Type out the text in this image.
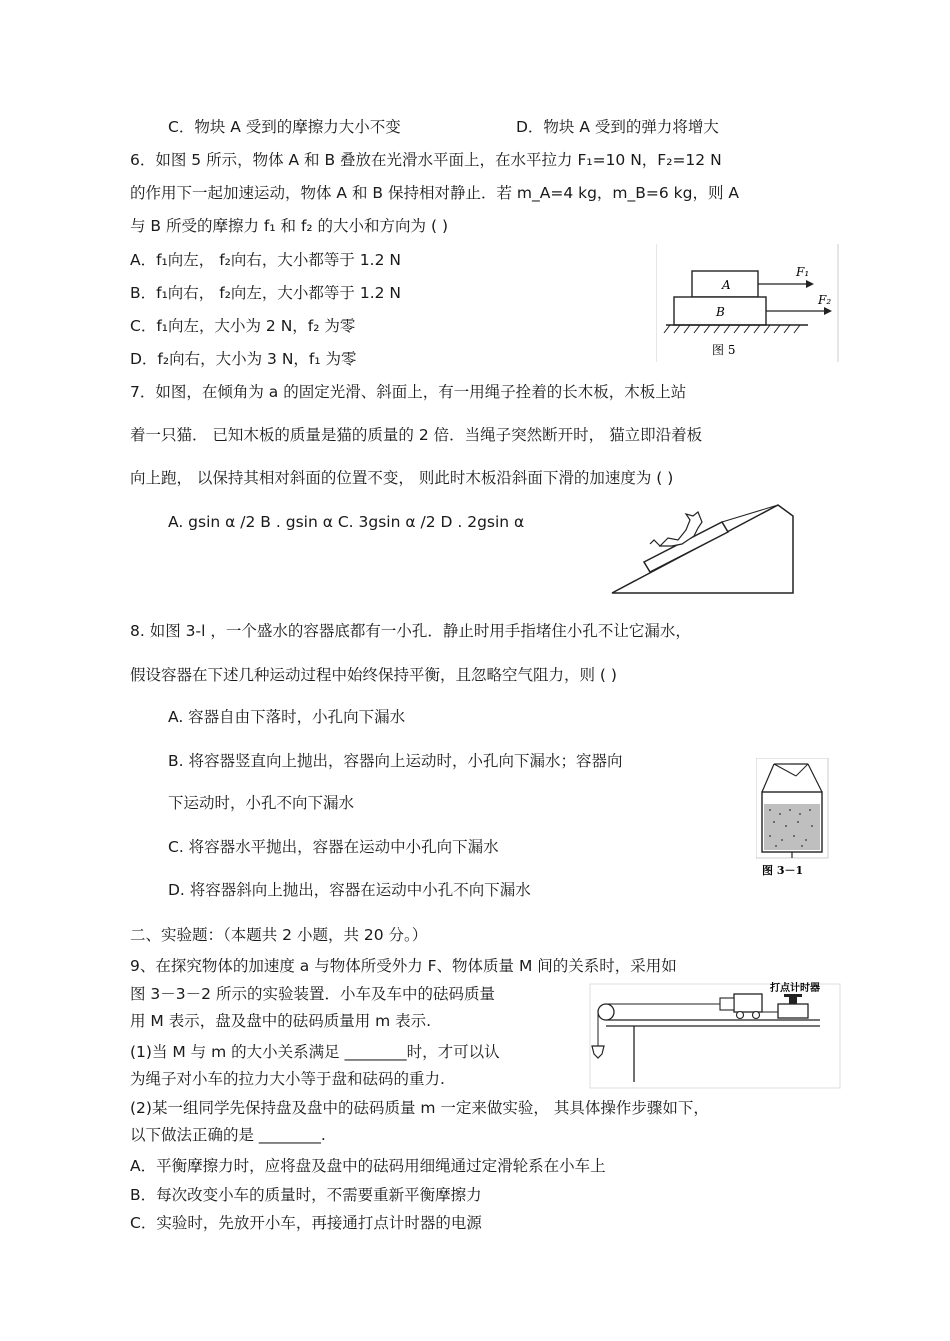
C．物块 A 受到的摩擦力大小不变	D．物块 A 受到的弹力将增大
6．如图 5 所示，物体 A 和 B 叠放在光滑水平面上，在水平拉力 F₁=10 N，F₂=12 N
的作用下一起加速运动，物体 A 和 B 保持相对静止．若 m_A=4 kg，m_B=6 kg，则 A
与 B 所受的摩擦力 f₁ 和 f₂ 的大小和方向为 ( )
A．f₁向左， f₂向右，大小都等于 1.2 N
B．f₁向右， f₂向左，大小都等于 1.2 N
C．f₁向左，大小为 2 N，f₂ 为零
D．f₂向右，大小为 3 N，f₁ 为零
A
B
F₁
F₂
图 5
7．如图，在倾角为 a 的固定光滑、斜面上，有一用绳子拴着的长木板，木板上站
着一只猫． 已知木板的质量是猫的质量的 2 倍．当绳子突然断开时， 猫立即沿着板
向上跑， 以保持其相对斜面的位置不变， 则此时木板沿斜面下滑的加速度为 ( )
A. gsin α /2 B . gsin α C. 3gsin α /2 D . 2gsin α
8. 如图 3-l ，一个盛水的容器底都有一小孔．静止时用手指堵住小孔不让它漏水，
假设容器在下述几种运动过程中始终保持平衡，且忽略空气阻力，则 ( )
A. 容器自由下落时，小孔向下漏水
B. 将容器竖直向上抛出，容器向上运动时，小孔向下漏水；容器向
下运动时，小孔不向下漏水
C. 将容器水平抛出，容器在运动中小孔向下漏水
D. 将容器斜向上抛出，容器在运动中小孔不向下漏水
图 3－1
二、实验题：（本题共 2 小题，共 20 分。）
9、在探究物体的加速度 a 与物体所受外力 F、物体质量 M 间的关系时，采用如
图 3－3－2 所示的实验装置．小车及车中的砝码质量
用 M 表示，盘及盘中的砝码质量用 m 表示.
(1)当 M 与 m 的大小关系满足 ________时，才可以认
为绳子对小车的拉力大小等于盘和砝码的重力.
(2)某一组同学先保持盘及盘中的砝码质量 m 一定来做实验， 其具体操作步骤如下，
以下做法正确的是 ________.
A．平衡摩擦力时，应将盘及盘中的砝码用细绳通过定滑轮系在小车上
B．每次改变小车的质量时，不需要重新平衡摩擦力
C．实验时，先放开小车，再接通打点计时器的电源
打点计时器
